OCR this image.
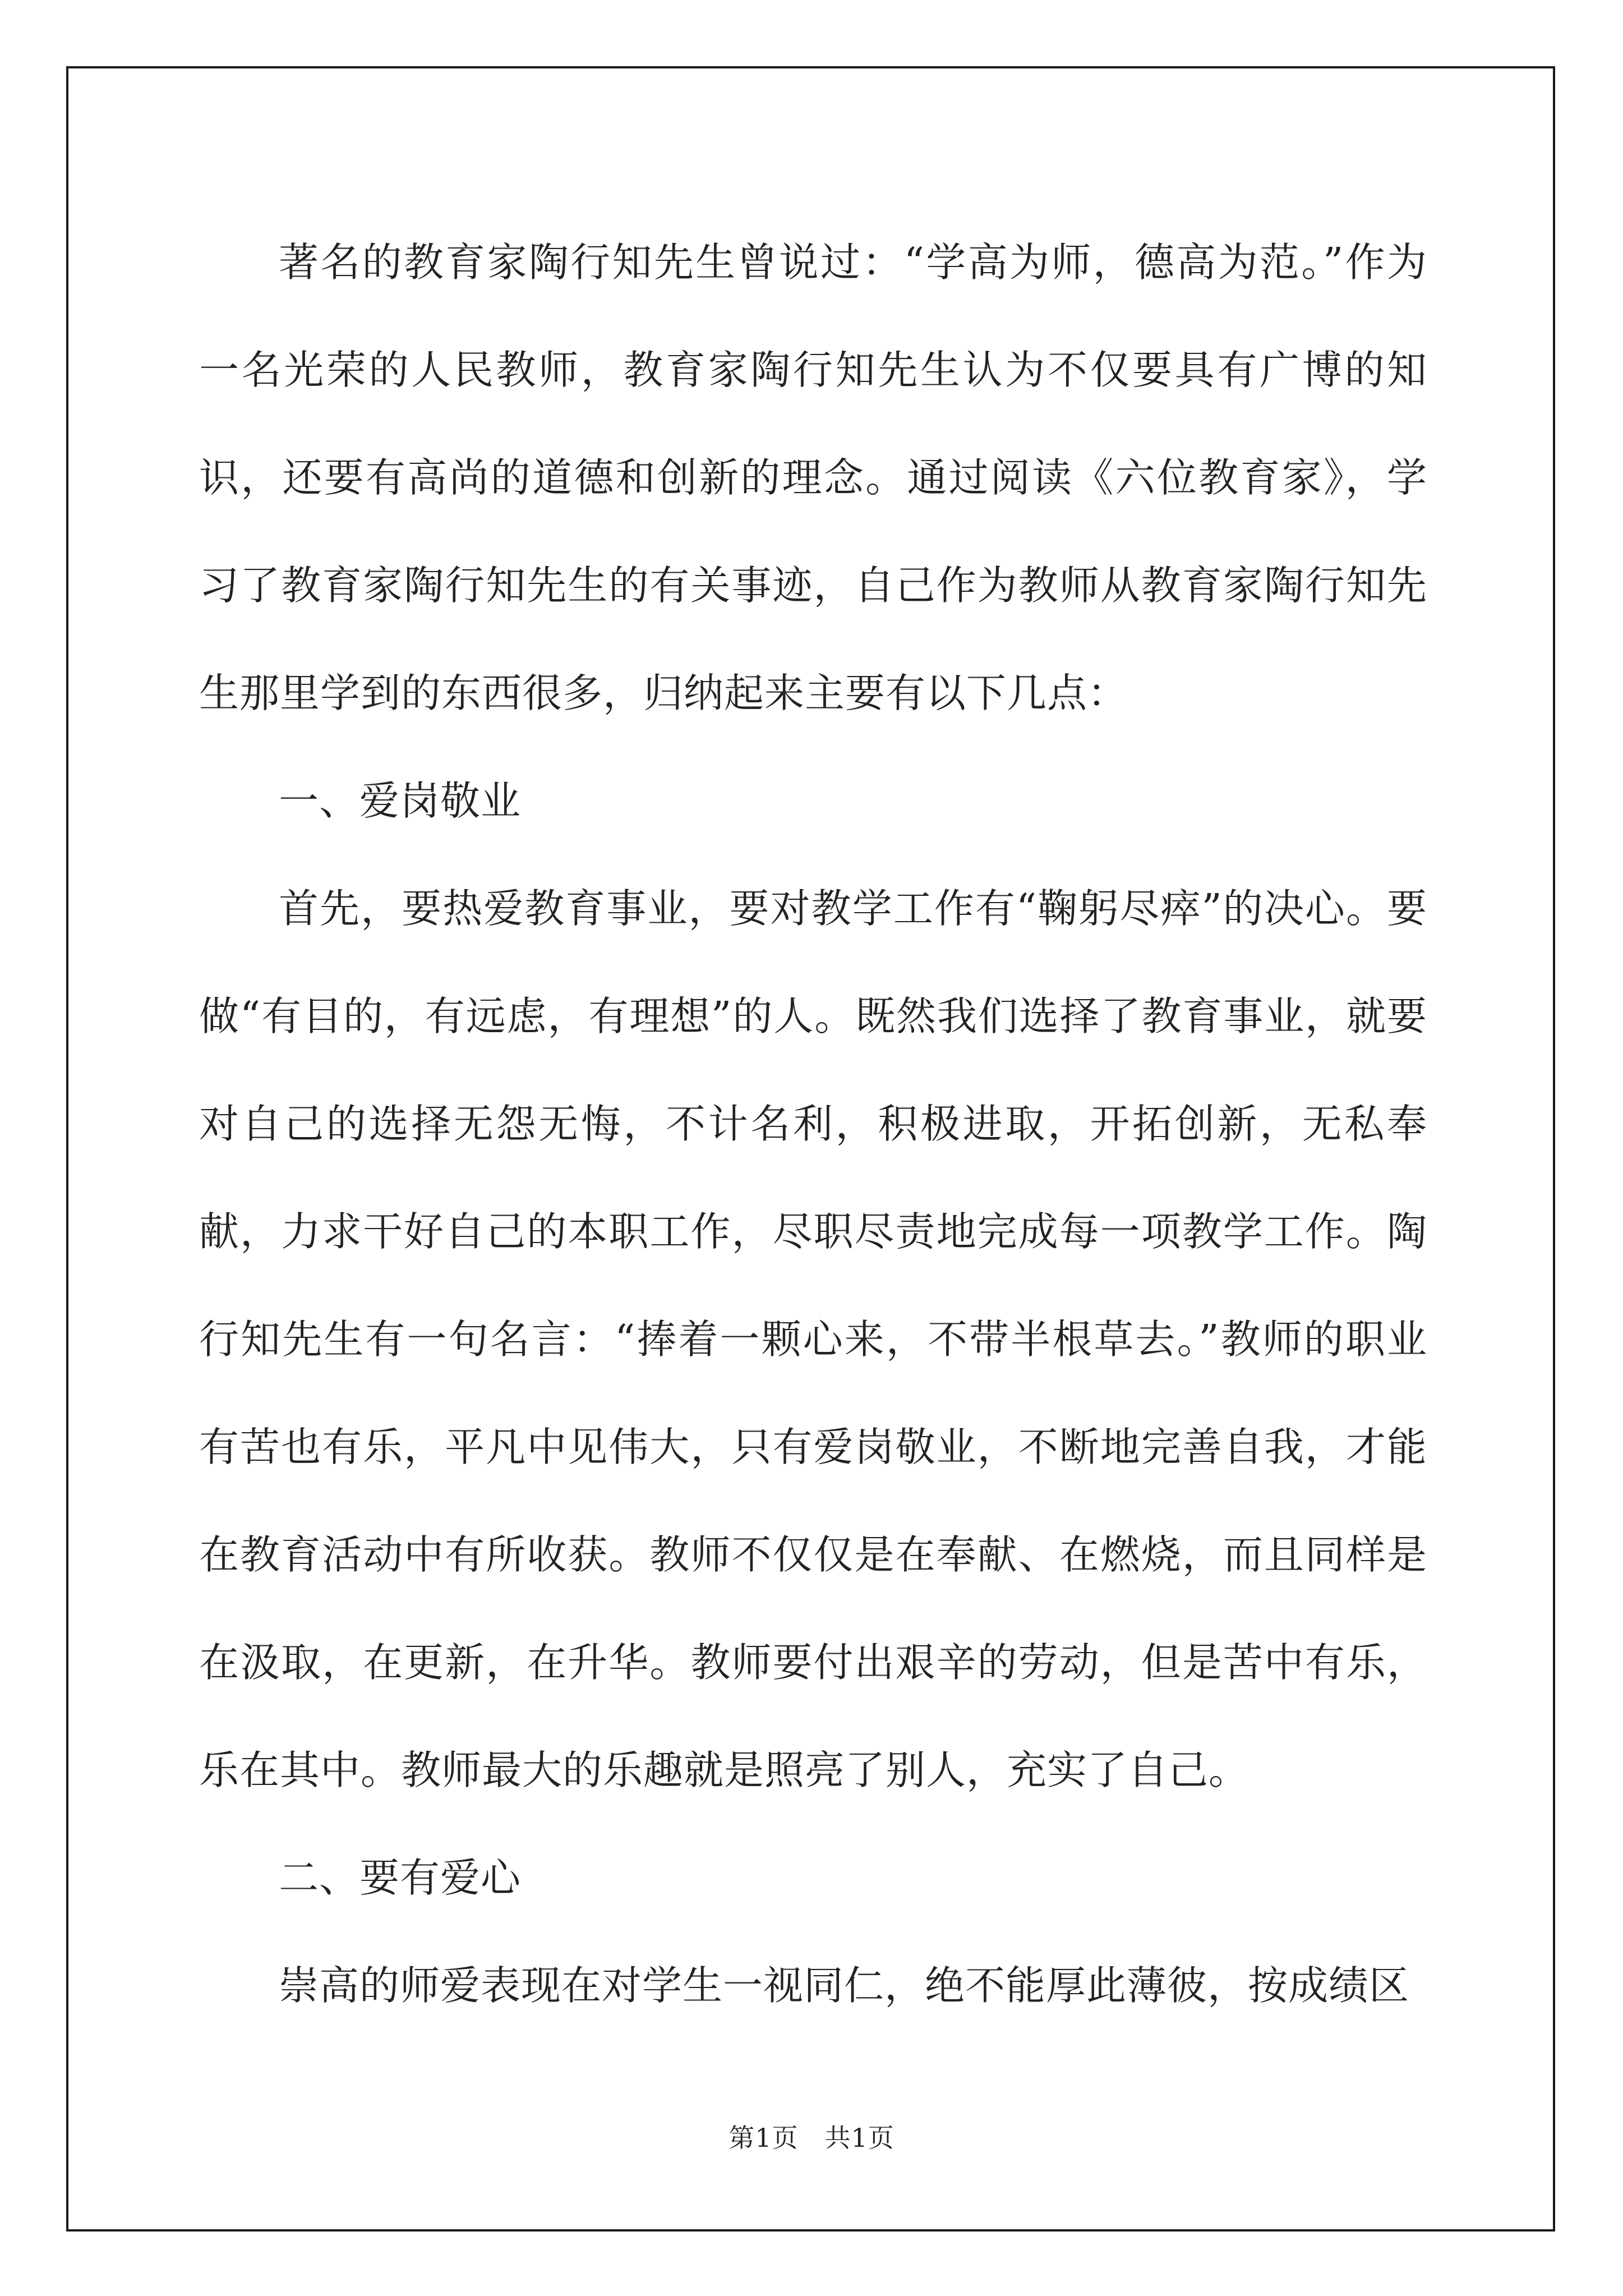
著名的教育家陶行知先生曾说过：“学高为师，德高为范。”作为一名光荣的人民教师，教育家陶行知先生认为不仅要具有广博的知识，还要有高尚的道德和创新的理念。通过阅读《六位教育家》，学习了教育家陶行知先生的有关事迹，自己作为教师从教育家陶行知先生那里学到的东西很多，归纳起来主要有以下几点：

一、爱岗敬业

首先，要热爱教育事业，要对教学工作有“鞠躬尽瘁”的决心。要做“有目的，有远虑，有理想”的人。既然我们选择了教育事业，就要对自己的选择无怨无悔，不计名利，积极进取，开拓创新，无私奉献，力求干好自己的本职工作，尽职尽责地完成每一项教学工作。陶行知先生有一句名言：“捧着一颗心来，不带半根草去。”教师的职业有苦也有乐，平凡中见伟大，只有爱岗敬业，不断地完善自我，才能在教育活动中有所收获。教师不仅仅是在奉献、在燃烧，而且同样是在汲取，在更新，在升华。教师要付出艰辛的劳动，但是苦中有乐，乐在其中。教师最大的乐趣就是照亮了别人，充实了自己。

二、要有爱心

崇高的师爱表现在对学生一视同仁，绝不能厚此薄彼，按成绩区

第1页　共1页
